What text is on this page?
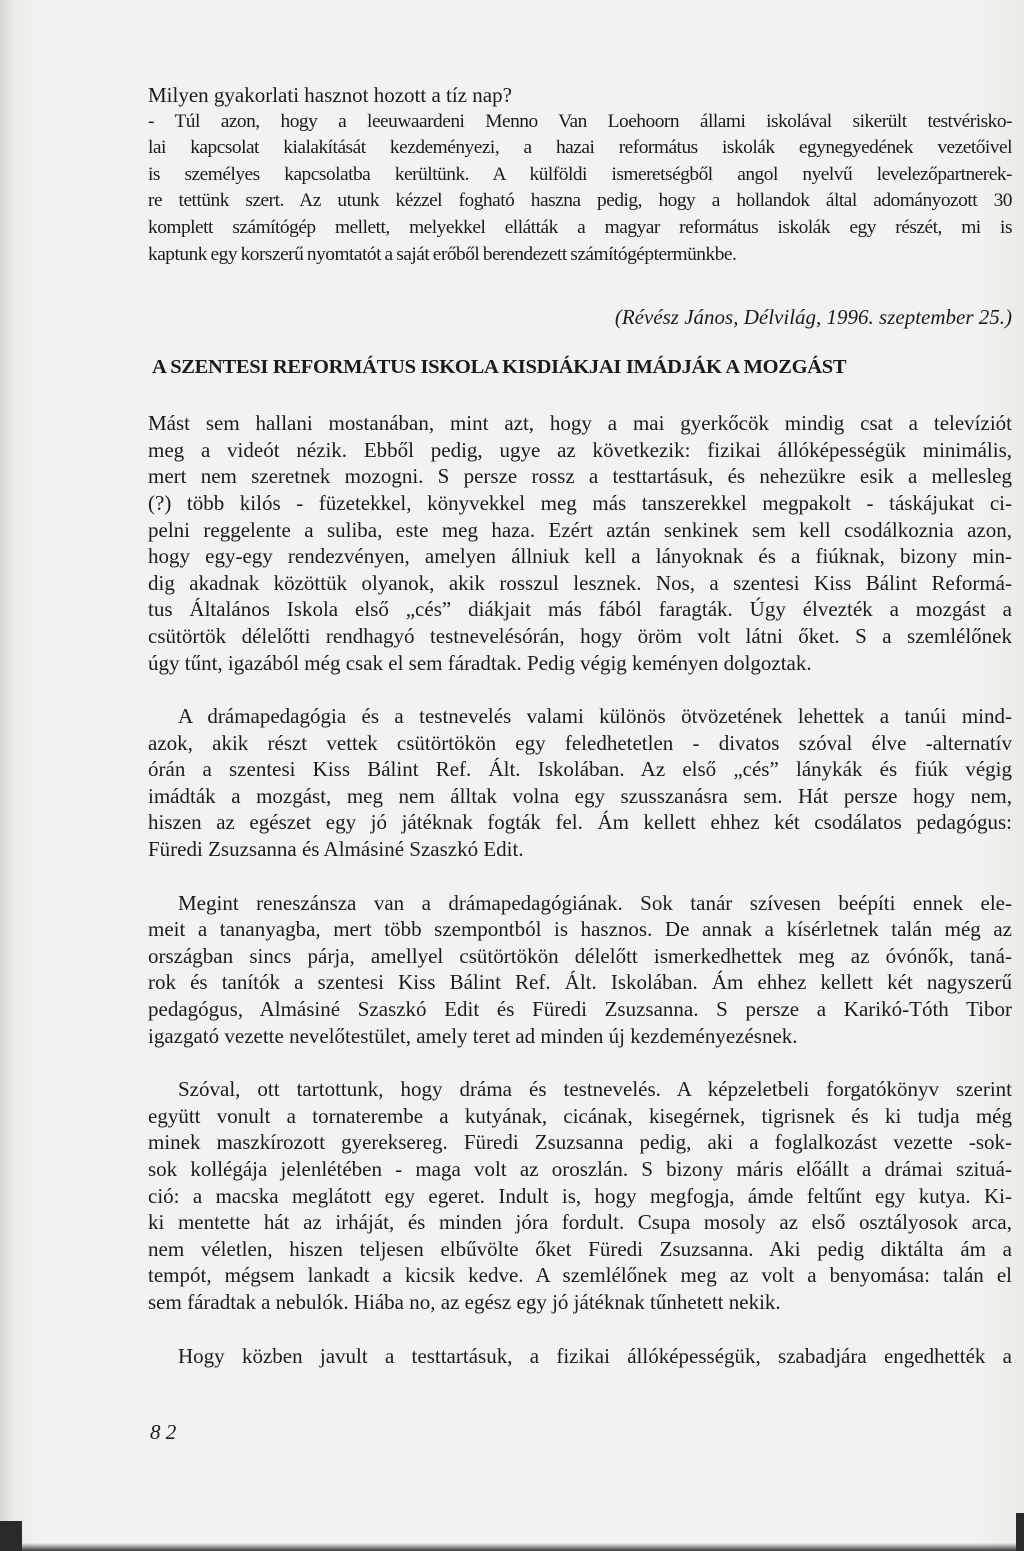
Milyen gyakorlati hasznot hozott a tíz nap?

- Túl azon, hogy a leeuwaardeni Menno Van Loehoorn állami iskolával sikerült testvérisko-
lai kapcsolat kialakítását kezdeményezi, a hazai református iskolák egynegyedének vezetőivel
is személyes kapcsolatba kerültünk. A külföldi ismeretségből angol nyelvű levelezőpartnerek-
re tettünk szert. Az utunk kézzel fogható haszna pedig, hogy a hollandok által adományozott 30
komplett számítógép mellett, melyekkel ellátták a magyar református iskolák egy részét, mi is
kaptunk egy korszerű nyomtatót a saját erőből berendezett számítógéptermünkbe.
(Révész János, Délvilág, 1996. szeptember 25.)
A SZENTESI REFORMÁTUS ISKOLA KISDIÁKJAI IMÁDJÁK A MOZGÁST
Mást sem hallani mostanában, mint azt, hogy a mai gyerkőcök mindig csat a televíziót
meg a videót nézik. Ebből pedig, ugye az következik: fizikai állóképességük minimális,
mert nem szeretnek mozogni. S persze rossz a testtartásuk, és nehezükre esik a mellesleg
(?) több kilós - füzetekkel, könyvekkel meg más tanszerekkel megpakolt - táskájukat ci-
pelni reggelente a suliba, este meg haza. Ezért aztán senkinek sem kell csodálkoznia azon,
hogy egy-egy rendezvényen, amelyen állniuk kell a lányoknak és a fiúknak, bizony min-
dig akadnak közöttük olyanok, akik rosszul lesznek. Nos, a szentesi Kiss Bálint Reformá-
tus Általános Iskola első „cés” diákjait más fából faragták. Úgy élvezték a mozgást a
csütörtök délelőtti rendhagyó testnevelésórán, hogy öröm volt látni őket. S a szemlélőnek
úgy tűnt, igazából még csak el sem fáradtak. Pedig végig keményen dolgoztak.
A drámapedagógia és a testnevelés valami különös ötvözetének lehettek a tanúi mind-
azok, akik részt vettek csütörtökön egy feledhetetlen - divatos szóval élve -alternatív
órán a szentesi Kiss Bálint Ref. Ált. Iskolában. Az első „cés” lánykák és fiúk végig
imádták a mozgást, meg nem álltak volna egy szusszanásra sem. Hát persze hogy nem,
hiszen az egészet egy jó játéknak fogták fel. Ám kellett ehhez két csodálatos pedagógus:
Füredi Zsuzsanna és Almásiné Szaszkó Edit.
Megint reneszánsza van a drámapedagógiának. Sok tanár szívesen beépíti ennek ele-
meit a tananyagba, mert több szempontból is hasznos. De annak a kísérletnek talán még az
országban sincs párja, amellyel csütörtökön délelőtt ismerkedhettek meg az óvónők, taná-
rok és tanítók a szentesi Kiss Bálint Ref. Ált. Iskolában. Ám ehhez kellett két nagyszerű
pedagógus, Almásiné Szaszkó Edit és Füredi Zsuzsanna. S persze a Karikó-Tóth Tibor
igazgató vezette nevelőtestület, amely teret ad minden új kezdeményezésnek.
Szóval, ott tartottunk, hogy dráma és testnevelés. A képzeletbeli forgatókönyv szerint
együtt vonult a tornaterembe a kutyának, cicának, kisegérnek, tigrisnek és ki tudja még
minek maszkírozott gyereksereg. Füredi Zsuzsanna pedig, aki a foglalkozást vezette -sok-
sok kollégája jelenlétében - maga volt az oroszlán. S bizony máris előállt a drámai szituá-
ció: a macska meglátott egy egeret. Indult is, hogy megfogja, ámde feltűnt egy kutya. Ki-
ki mentette hát az irháját, és minden jóra fordult. Csupa mosoly az első osztályosok arca,
nem véletlen, hiszen teljesen elbűvölte őket Füredi Zsuzsanna. Aki pedig diktálta ám a
tempót, mégsem lankadt a kicsik kedve. A szemlélőnek meg az volt a benyomása: talán el
sem fáradtak a nebulók. Hiába no, az egész egy jó játéknak tűnhetett nekik.
Hogy közben javult a testtartásuk, a fizikai állóképességük, szabadjára engedhették a
8 2
